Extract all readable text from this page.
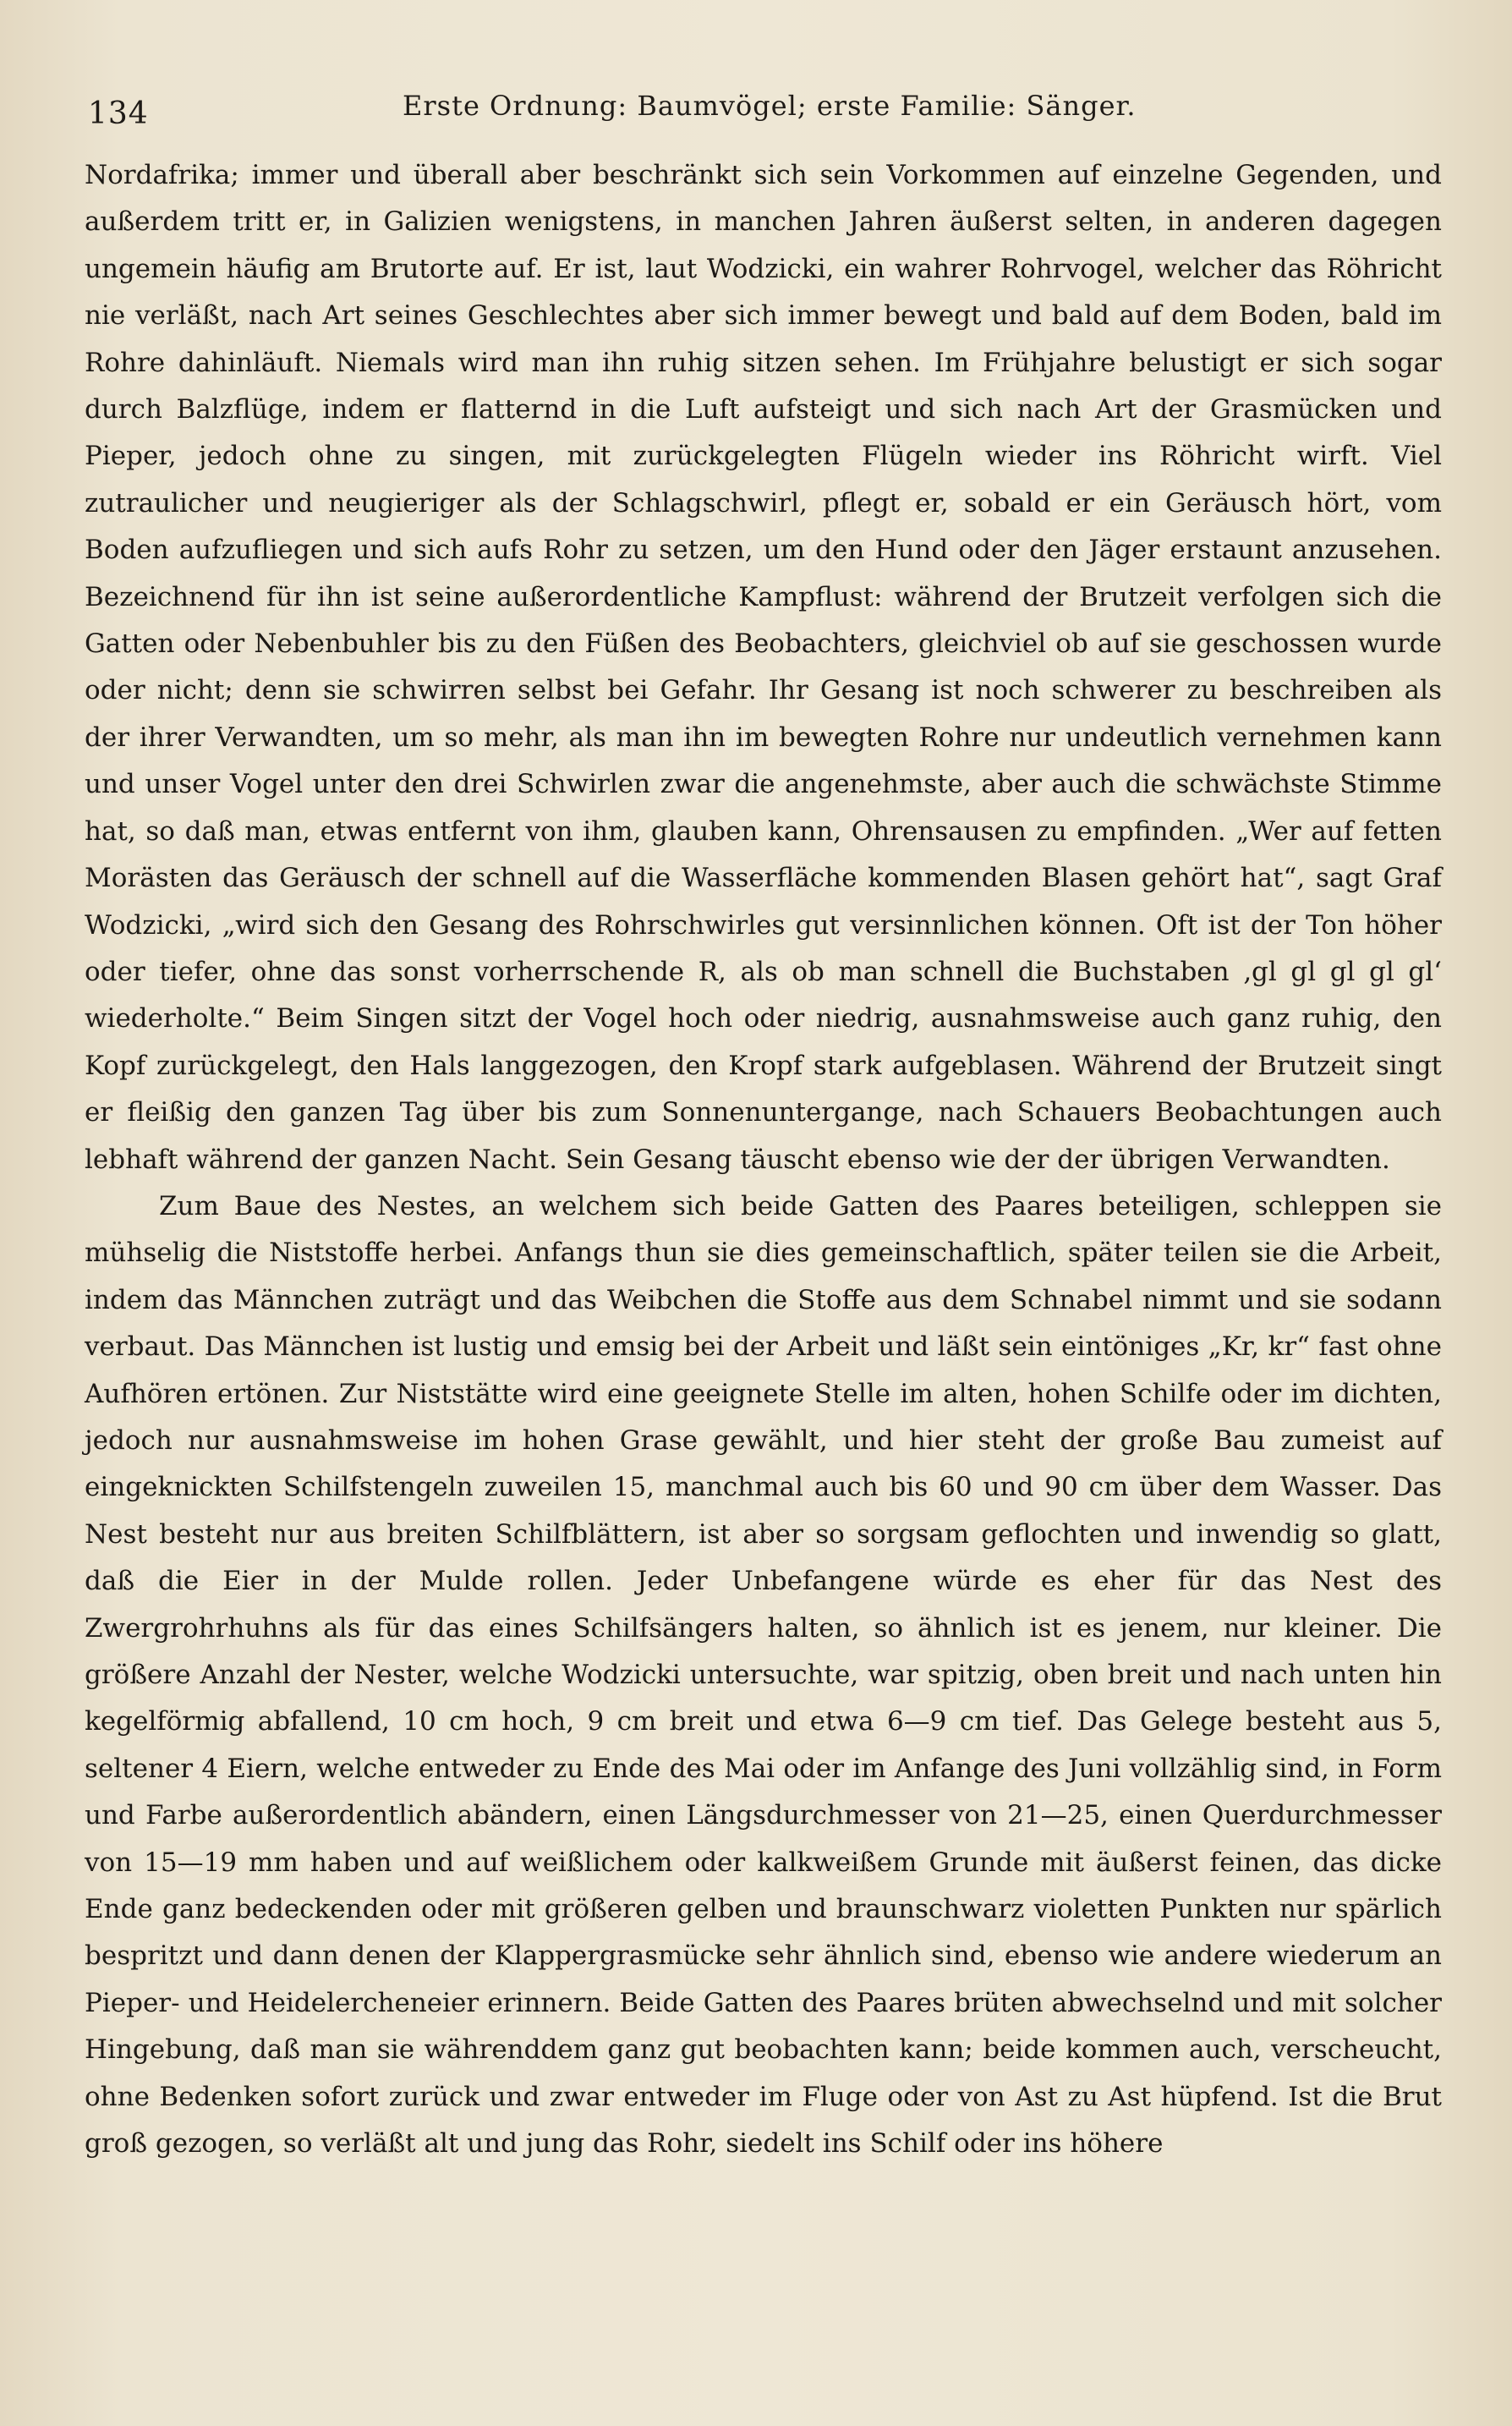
134	Erste Ordnung: Baumvögel; erste Familie: Sänger.

Nordafrika; immer und überall aber beschränkt sich sein Vorkommen auf einzelne Gegenden, und außerdem tritt er, in Galizien wenigstens, in manchen Jahren äußerst selten, in anderen dagegen ungemein häufig am Brutorte auf. Er ist, laut Wodzicki, ein wahrer Rohrvogel, welcher das Röhricht nie verläßt, nach Art seines Geschlechtes aber sich immer bewegt und bald auf dem Boden, bald im Rohre dahinläuft. Niemals wird man ihn ruhig sitzen sehen. Im Frühjahre belustigt er sich sogar durch Balzflüge, indem er flatternd in die Luft aufsteigt und sich nach Art der Grasmücken und Pieper, jedoch ohne zu singen, mit zurückgelegten Flügeln wieder ins Röhricht wirft. Viel zutraulicher und neugieriger als der Schlagschwirl, pflegt er, sobald er ein Geräusch hört, vom Boden aufzufliegen und sich aufs Rohr zu setzen, um den Hund oder den Jäger erstaunt anzusehen. Bezeichnend für ihn ist seine außerordentliche Kampflust: während der Brutzeit verfolgen sich die Gatten oder Nebenbuhler bis zu den Füßen des Beobachters, gleichviel ob auf sie geschossen wurde oder nicht; denn sie schwirren selbst bei Gefahr. Ihr Gesang ist noch schwerer zu beschreiben als der ihrer Verwandten, um so mehr, als man ihn im bewegten Rohre nur undeutlich vernehmen kann und unser Vogel unter den drei Schwirlen zwar die angenehmste, aber auch die schwächste Stimme hat, so daß man, etwas entfernt von ihm, glauben kann, Ohrensausen zu empfinden. „Wer auf fetten Morästen das Geräusch der schnell auf die Wasserfläche kommenden Blasen gehört hat“, sagt Graf Wodzicki, „wird sich den Gesang des Rohrschwirles gut versinnlichen können. Oft ist der Ton höher oder tiefer, ohne das sonst vorherrschende R, als ob man schnell die Buchstaben ‚gl gl gl gl gl‘ wiederholte.“ Beim Singen sitzt der Vogel hoch oder niedrig, ausnahmsweise auch ganz ruhig, den Kopf zurückgelegt, den Hals langgezogen, den Kropf stark aufgeblasen. Während der Brutzeit singt er fleißig den ganzen Tag über bis zum Sonnenuntergange, nach Schauers Beobachtungen auch lebhaft während der ganzen Nacht. Sein Gesang täuscht ebenso wie der der übrigen Verwandten.

Zum Baue des Nestes, an welchem sich beide Gatten des Paares beteiligen, schleppen sie mühselig die Niststoffe herbei. Anfangs thun sie dies gemeinschaftlich, später teilen sie die Arbeit, indem das Männchen zuträgt und das Weibchen die Stoffe aus dem Schnabel nimmt und sie sodann verbaut. Das Männchen ist lustig und emsig bei der Arbeit und läßt sein eintöniges „Kr, kr“ fast ohne Aufhören ertönen. Zur Niststätte wird eine geeignete Stelle im alten, hohen Schilfe oder im dichten, jedoch nur ausnahmsweise im hohen Grase gewählt, und hier steht der große Bau zumeist auf eingeknickten Schilfstengeln zuweilen 15, manchmal auch bis 60 und 90 cm über dem Wasser. Das Nest besteht nur aus breiten Schilfblättern, ist aber so sorgsam geflochten und inwendig so glatt, daß die Eier in der Mulde rollen. Jeder Unbefangene würde es eher für das Nest des Zwergrohrhuhns als für das eines Schilfsängers halten, so ähnlich ist es jenem, nur kleiner. Die größere Anzahl der Nester, welche Wodzicki untersuchte, war spitzig, oben breit und nach unten hin kegelförmig abfallend, 10 cm hoch, 9 cm breit und etwa 6—9 cm tief. Das Gelege besteht aus 5, seltener 4 Eiern, welche entweder zu Ende des Mai oder im Anfange des Juni vollzählig sind, in Form und Farbe außerordentlich abändern, einen Längsdurchmesser von 21—25, einen Querdurchmesser von 15—19 mm haben und auf weißlichem oder kalkweißem Grunde mit äußerst feinen, das dicke Ende ganz bedeckenden oder mit größeren gelben und braunschwarz violetten Punkten nur spärlich bespritzt und dann denen der Klappergrasmücke sehr ähnlich sind, ebenso wie andere wiederum an Pieper- und Heidelercheneier erinnern. Beide Gatten des Paares brüten abwechselnd und mit solcher Hingebung, daß man sie währenddem ganz gut beobachten kann; beide kommen auch, verscheucht, ohne Bedenken sofort zurück und zwar entweder im Fluge oder von Ast zu Ast hüpfend. Ist die Brut groß gezogen, so verläßt alt und jung das Rohr, siedelt ins Schilf oder ins höhere
